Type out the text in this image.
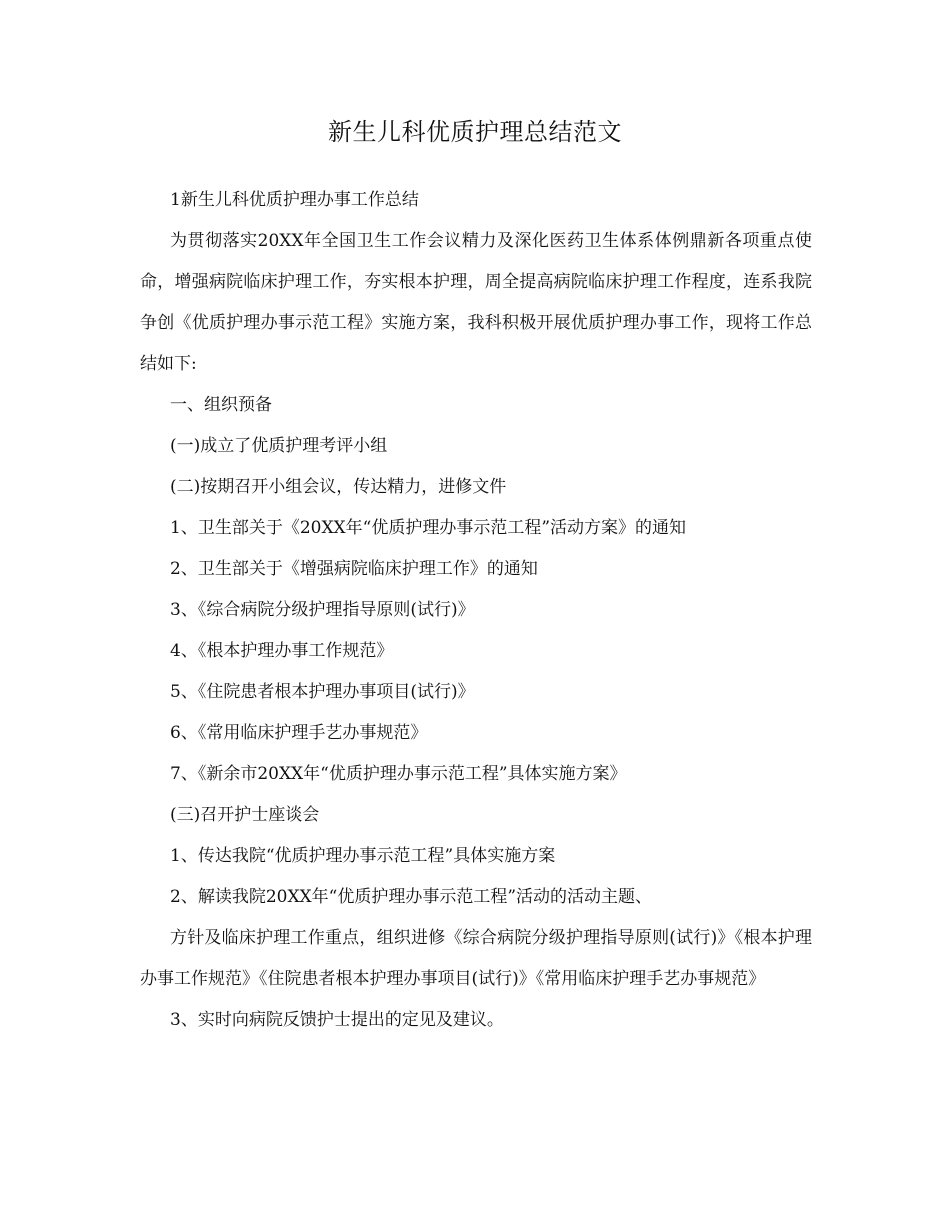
新生儿科优质护理总结范文

1新生儿科优质护理办事工作总结

为贯彻落实20XX年全国卫生工作会议精力及深化医药卫生体系体例鼎新各项重点使命，增强病院临床护理工作，夯实根本护理，周全提高病院临床护理工作程度，连系我院争创《优质护理办事示范工程》实施方案，我科积极开展优质护理办事工作，现将工作总结如下:

一、组织预备

(一)成立了优质护理考评小组

(二)按期召开小组会议，传达精力，进修文件

1、卫生部关于《20XX年“优质护理办事示范工程”活动方案》的通知

2、卫生部关于《增强病院临床护理工作》的通知

3、《综合病院分级护理指导原则(试行)》

4、《根本护理办事工作规范》

5、《住院患者根本护理办事项目(试行)》

6、《常用临床护理手艺办事规范》

7、《新余市20XX年“优质护理办事示范工程”具体实施方案》

(三)召开护士座谈会

1、传达我院“优质护理办事示范工程”具体实施方案

2、解读我院20XX年“优质护理办事示范工程”活动的活动主题、

方针及临床护理工作重点，组织进修《综合病院分级护理指导原则(试行)》《根本护理办事工作规范》《住院患者根本护理办事项目(试行)》《常用临床护理手艺办事规范》

3、实时向病院反馈护士提出的定见及建议。
